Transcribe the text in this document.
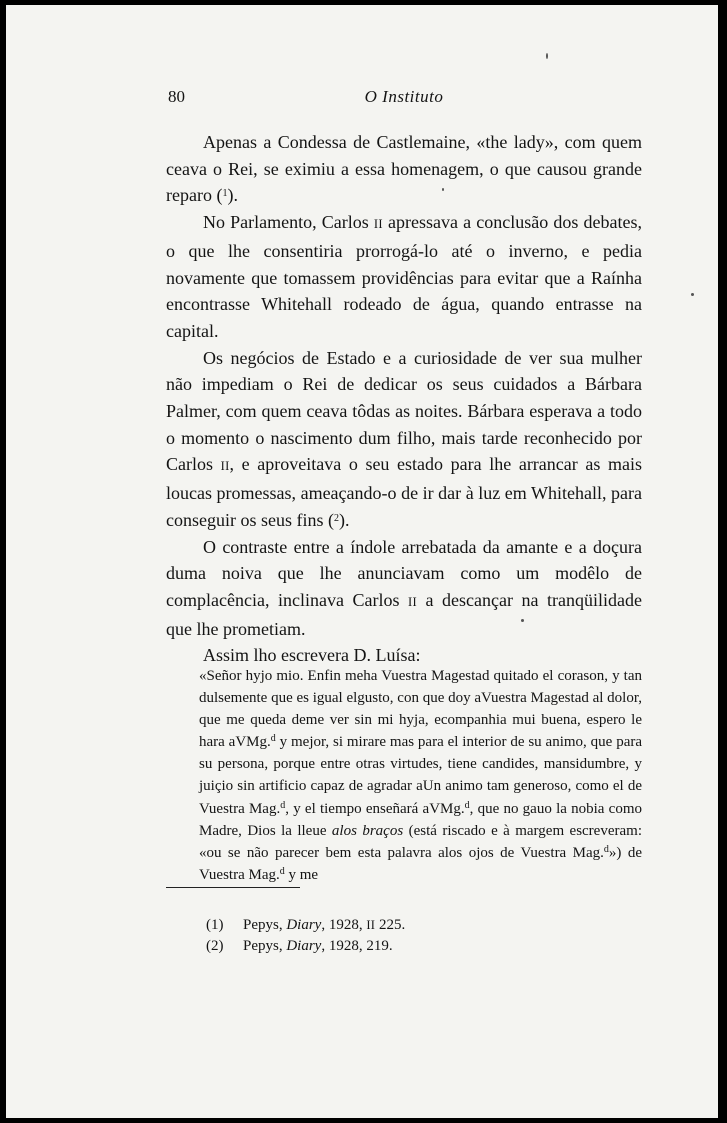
80	O Instituto

Apenas a Condessa de Castlemaine, «the lady», com quem ceava o Rei, se eximiu a essa homenagem, o que causou grande reparo ($^1$).

No Parlamento, Carlos II apressava a conclusão dos debates, o que lhe consentiria prorrogá-lo até o inverno, e pedia novamente que tomassem providências para evitar que a Raínha encontrasse Whitehall rodeado de água, quando entrasse na capital.

Os negócios de Estado e a curiosidade de ver sua mulher não impediam o Rei de dedicar os seus cuidados a Bárbara Palmer, com quem ceava tôdas as noites. Bárbara esperava a todo o momento o nascimento dum filho, mais tarde reconhecido por Carlos II, e aproveitava o seu estado para lhe arrancar as mais loucas promessas, ameaçando-o de ir dar à luz em Whitehall, para conseguir os seus fins ($^2$).

O contraste entre a índole arrebatada da amante e a doçura duma noiva que lhe anunciavam como um modêlo de complacência, inclinava Carlos II a descançar na tranqüilidade que lhe prometiam.

Assim lho escrevera D. Luísa:

«Señor hyjo mio. Enfin meha Vuestra Magestad quitado el corason, y tan dulsemente que es igual elgusto, con que doy aVuestra Magestad al dolor, que me queda deme ver sin mi hyja, ecompanhia mui buena, espero le hara aVMg.$^d$ y mejor, si mirare mas para el interior de su animo, que para su persona, porque entre otras virtudes, tiene candides, mansidumbre, y juiçio sin artificio capaz de agradar aUn animo tam generoso, como el de Vuestra Mag.$^d$, y el tiempo enseñará aVMg.$^d$, que no gauo la nobia como Madre, Dios la lleue alos braços (está riscado e à margem escreveram: «ou se não parecer bem esta palavra alos ojos de Vuestra Mag.$^d$») de Vuestra Mag.$^d$ y me

(1) Pepys, Diary, 1928, II 225.

(2) Pepys, Diary, 1928, 219.
